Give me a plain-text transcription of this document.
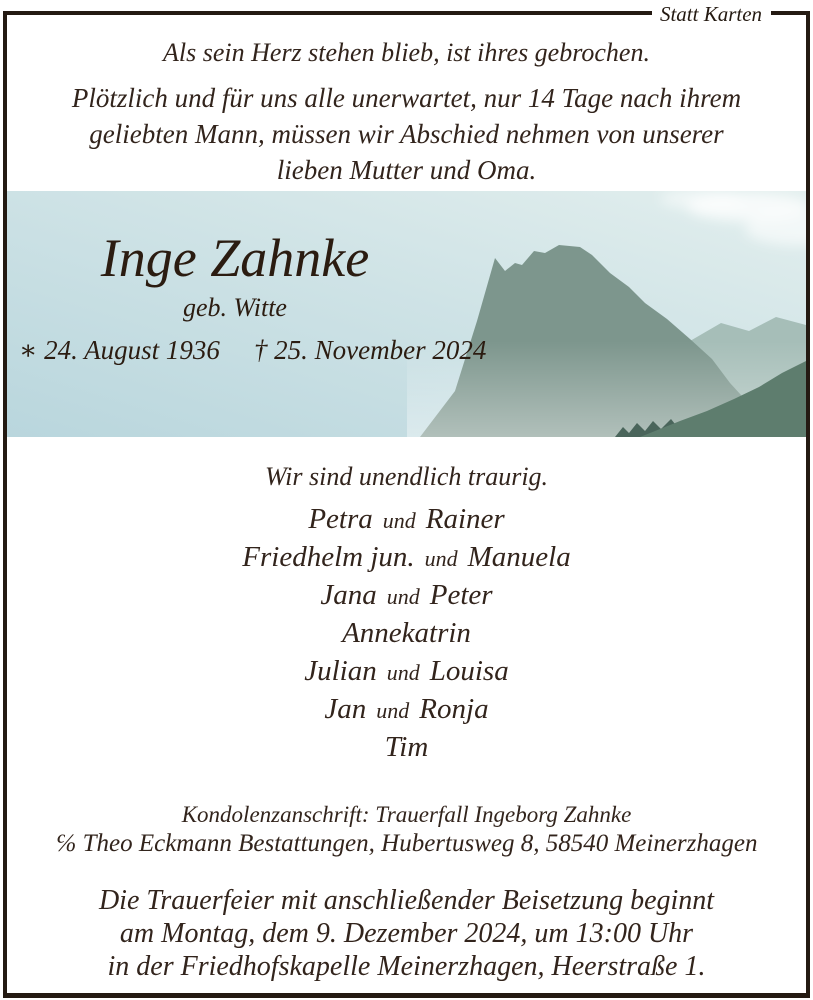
Statt Karten
Als sein Herz stehen blieb, ist ihres gebrochen.
Plötzlich und für uns alle unerwartet, nur 14 Tage nach ihrem
geliebten Mann, müssen wir Abschied nehmen von unserer
lieben Mutter und Oma.
Inge Zahnke
geb. Witte
∗ 24. August 1936 † 25. November 2024
Wir sind unendlich traurig.
Petra und Rainer
Friedhelm jun. und Manuela
Jana und Peter
Annekatrin
Julian und Louisa
Jan und Ronja
Tim
Kondolenzanschrift: Trauerfall Ingeborg Zahnke
℅ Theo Eckmann Bestattungen, Hubertusweg 8, 58540 Meinerzhagen
Die Trauerfeier mit anschließender Beisetzung beginnt
am Montag, dem 9. Dezember 2024, um 13:00 Uhr
in der Friedhofskapelle Meinerzhagen, Heerstraße 1.
